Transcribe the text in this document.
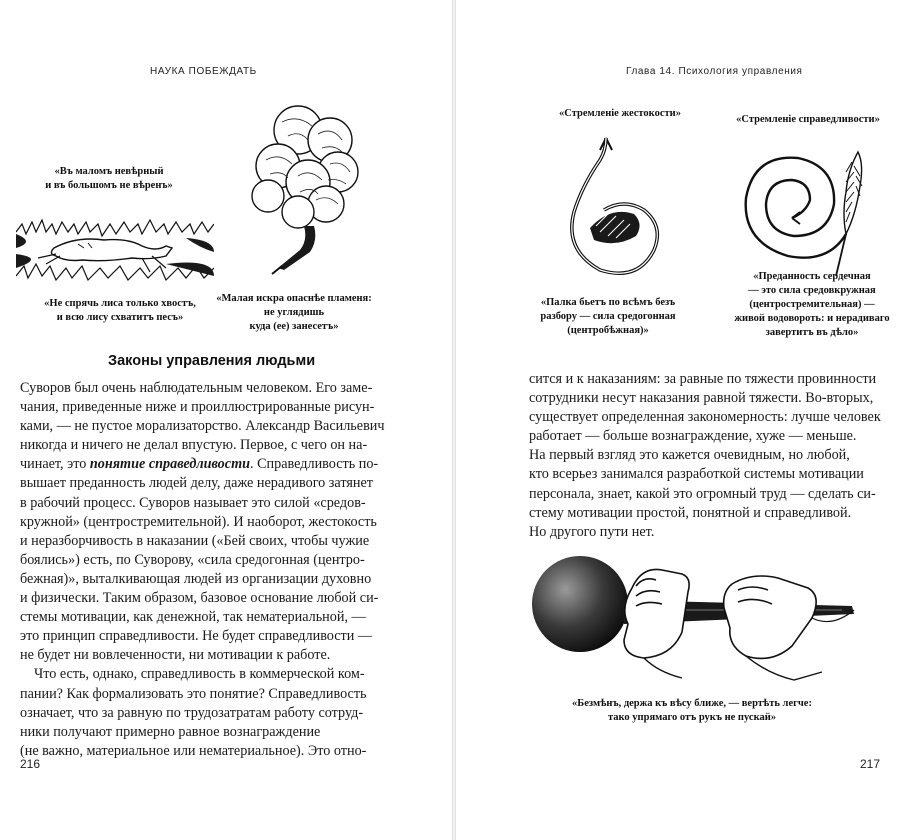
НАУКА ПОБЕЖДАТЬ
«Въ маломъ невѣрный
и въ большомъ не вѣренъ»
«Не спрячь лиса только хвостъ,
и всю лису схватитъ песъ»
«Малая искра опаснѣе пламеня:
не углядишь
куда (ее) занесетъ»
Законы управления людьми
Суворов был очень наблюдательным человеком. Его заме-
чания, приведенные ниже и проиллюстрированные рисун-
ками, — не пустое морализаторство. Александр Васильевич
никогда и ничего не делал впустую. Первое, с чего он на-
чинает, это понятие справедливости. Справедливость по-
вышает преданность людей делу, даже нерадивого затянет
в рабочий процесс. Суворов называет это силой «средов-
кружной» (центростремительной). И наоборот, жестокость
и неразборчивость в наказании («Бей своих, чтобы чужие
боялись») есть, по Суворову, «сила средогонная (центро-
бежная)», выталкивающая людей из организации духовно
и физически. Таким образом, базовое основание любой си-
стемы мотивации, как денежной, так нематериальной, —
это принцип справедливости. Не будет справедливости —
не будет ни вовлеченности, ни мотивации к работе.
Что есть, однако, справедливость в коммерческой ком-
пании? Как формализовать это понятие? Справедливость
означает, что за равную по трудозатратам работу сотруд-
ники получают примерно равное вознаграждение
(не важно, материальное или нематериальное). Это отно-
216
Глава 14. Психология управления
«Стремленіе жестокости»
«Стремленіе справедливости»
«Палка бьетъ по всѣмъ безъ
разбору — сила средогонная
(центробѣжная)»
«Преданность сердечная
— это сила средовкружная
(центростремительная) —
живой водовороть: и нерадиваго
завертитъ въ дѣло»
сится и к наказаниям: за равные по тяжести провинности
сотрудники несут наказания равной тяжести. Во-вторых,
существует определенная закономерность: лучше человек
работает — больше вознаграждение, хуже — меньше.
На первый взгляд это кажется очевидным, но любой,
кто всерьез занимался разработкой системы мотивации
персонала, знает, какой это огромный труд — сделать си-
стему мотивации простой, понятной и справедливой.
Но другого пути нет.
«Безмѣнъ, держа къ вѣсу ближе, — вертѣть легче:
тако упрямаго отъ рукъ не пускай»
217
